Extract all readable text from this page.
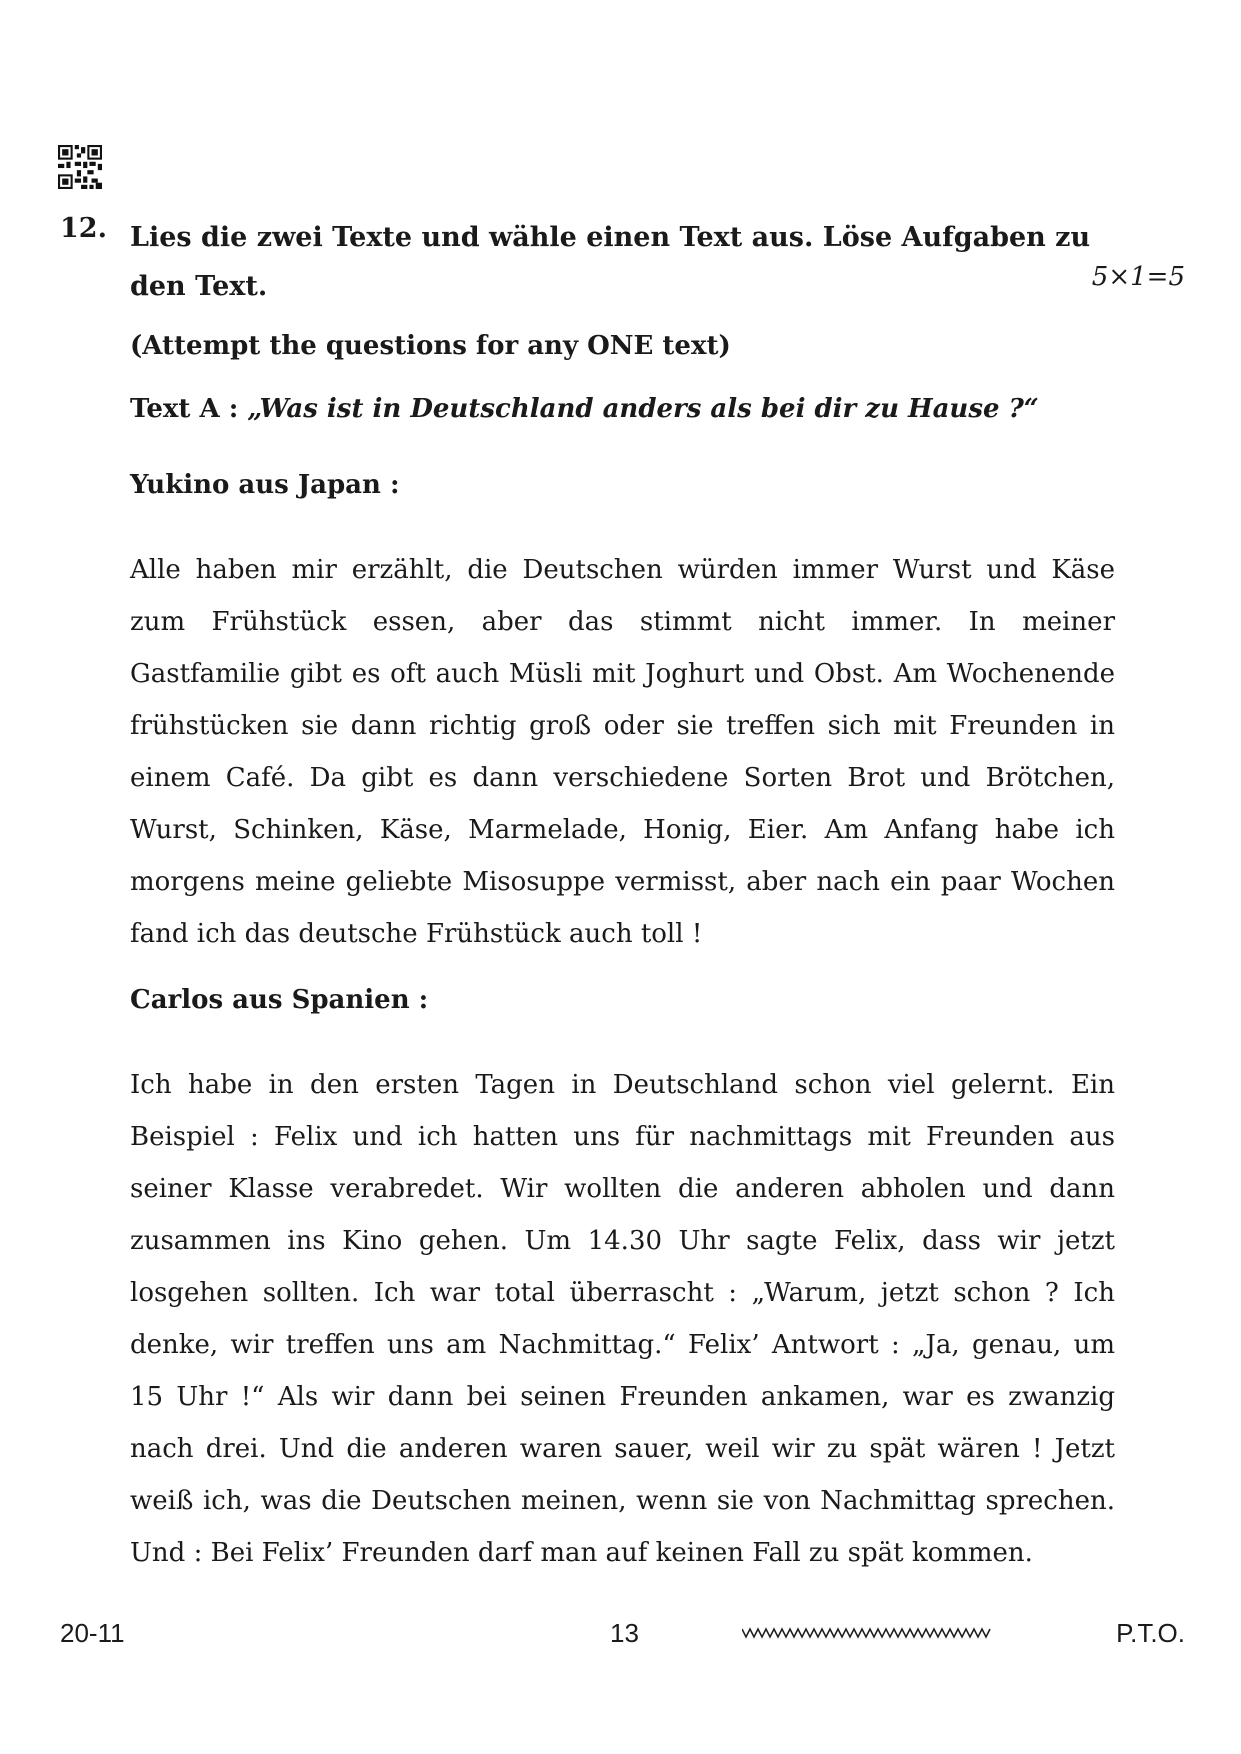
12. Lies die zwei Texte und wähle einen Text aus. Löse Aufgaben zu
den Text.	5×1=5
(Attempt the questions for any ONE text)
Text A : „Was ist in Deutschland anders als bei dir zu Hause ?“
Yukino aus Japan :
Alle haben mir erzählt, die Deutschen würden immer Wurst und Käse
zum Frühstück essen, aber das stimmt nicht immer. In meiner
Gastfamilie gibt es oft auch Müsli mit Joghurt und Obst. Am Wochenende
frühstücken sie dann richtig groß oder sie treffen sich mit Freunden in
einem Café. Da gibt es dann verschiedene Sorten Brot und Brötchen,
Wurst, Schinken, Käse, Marmelade, Honig, Eier. Am Anfang habe ich
morgens meine geliebte Misosuppe vermisst, aber nach ein paar Wochen
fand ich das deutsche Frühstück auch toll !
Carlos aus Spanien :
Ich habe in den ersten Tagen in Deutschland schon viel gelernt. Ein
Beispiel : Felix und ich hatten uns für nachmittags mit Freunden aus
seiner Klasse verabredet. Wir wollten die anderen abholen und dann
zusammen ins Kino gehen. Um 14.30 Uhr sagte Felix, dass wir jetzt
losgehen sollten. Ich war total überrascht : „Warum, jetzt schon ? Ich
denke, wir treffen uns am Nachmittag.“ Felix’ Antwort : „Ja, genau, um
15 Uhr !“ Als wir dann bei seinen Freunden ankamen, war es zwanzig
nach drei. Und die anderen waren sauer, weil wir zu spät wären ! Jetzt
weiß ich, was die Deutschen meinen, wenn sie von Nachmittag sprechen.
Und : Bei Felix’ Freunden darf man auf keinen Fall zu spät kommen.
20-11	13	P.T.O.
